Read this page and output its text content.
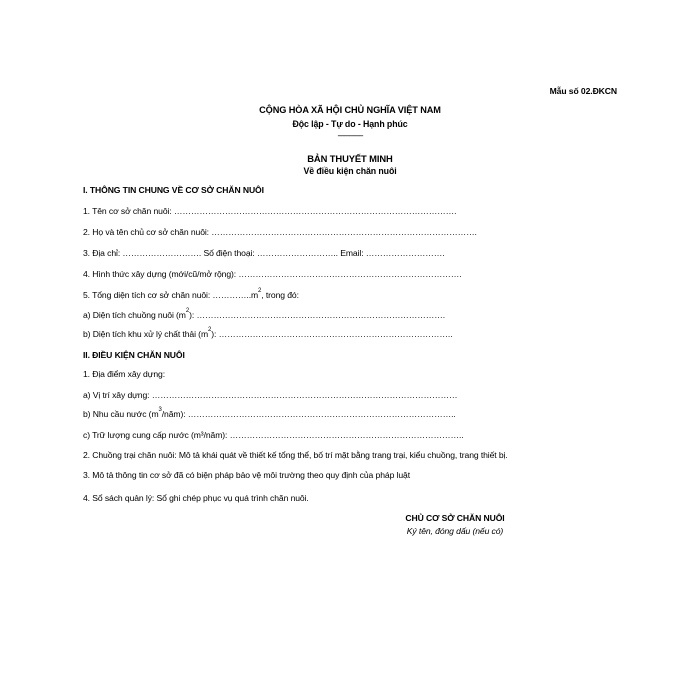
Mẫu số 02.ĐKCN
CỘNG HÒA XÃ HỘI CHỦ NGHĨA VIỆT NAM
Độc lập - Tự do - Hạnh phúc
---------------
BẢN THUYẾT MINH
Về điều kiện chăn nuôi
I. THÔNG TIN CHUNG VỀ CƠ SỞ CHĂN NUÔI
1. Tên cơ sở chăn nuôi: ……………………………………………………………………………………….
2. Họ và tên chủ cơ sở chăn nuôi: ………………………………………………………………………………….
3. Địa chỉ: ………………………. Số điện thoại: ……………………….. Email: ……………………….
4. Hình thức xây dựng (mới/cũ/mở rộng): …………………………………………………………………….
5. Tổng diện tích cơ sở chăn nuôi: $\dots\dots\dots\dots..m^2$, trong đó:
a) Diện tích chuồng nuôi $(m^2)$: …………………………………………………………………………….
b) Diện tích khu xử lý chất thải $(m^2)$: ………………………………………………………………………..
II. ĐIỀU KIỆN CHĂN NUÔI
1. Địa điểm xây dựng:
a) Vị trí xây dựng: ………………………………………………………………………………………………
b) Nhu cầu nước $(m^3/năm)$: …………………………………………………………………………………..
c) Trữ lượng cung cấp nước (m³/năm): ………………………………………………………………………..
2. Chuồng trại chăn nuôi: Mô tả khái quát về thiết kế tổng thể, bố trí mặt bằng trang trại, kiểu chuồng, trang thiết bị.
3. Mô tả thông tin cơ sở đã có biện pháp bảo vệ môi trường theo quy định của pháp luật
4. Sổ sách quản lý: Sổ ghi chép phục vụ quá trình chăn nuôi.
CHỦ CƠ SỞ CHĂN NUÔI
Ký tên, đóng dấu (nếu có)
